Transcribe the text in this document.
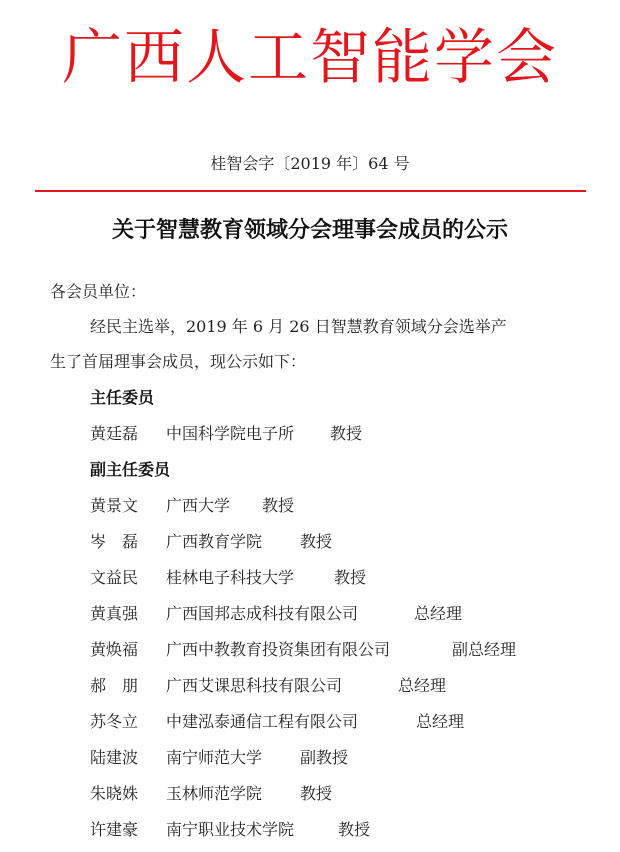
广西人工智能学会
桂智会字〔2019 年〕64 号
关于智慧教育领域分会理事会成员的公示
各会员单位：
经民主选举，2019 年 6 月 26 日智慧教育领域分会选举产
生了首届理事会成员，现公示如下：
主任委员
黄廷磊 中国科学院电子所 教授
副主任委员
黄景文 广西大学 教授
岑磊 广西教育学院 教授
文益民 桂林电子科技大学 教授
黄真强 广西国邦志成科技有限公司	总经理
黄焕福 广西中教教育投资集团有限公司	副总经理
郝朋 广西艾课思科技有限公司	总经理
苏冬立 中建泓泰通信工程有限公司	总经理
陆建波 南宁师范大学 副教授
朱晓姝 玉林师范学院 教授
许建豪 南宁职业技术学院	教授
